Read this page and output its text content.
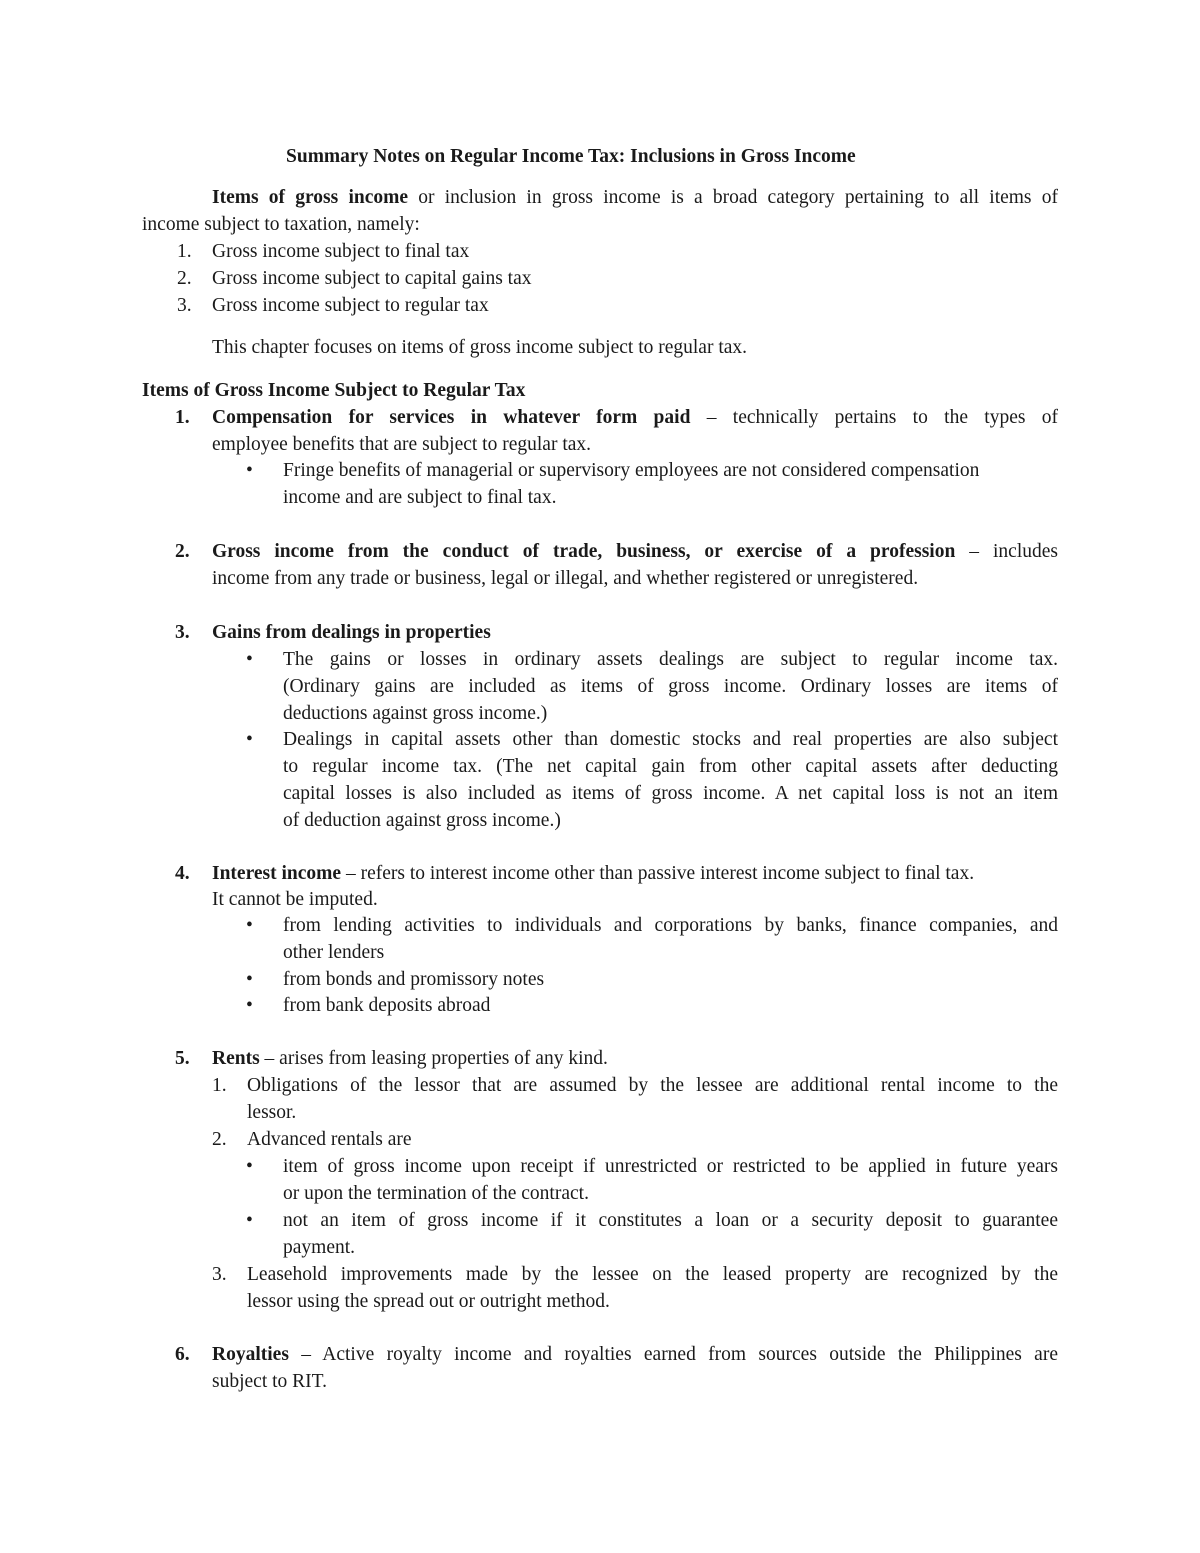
Summary Notes on Regular Income Tax: Inclusions in Gross Income
Items of gross income or inclusion in gross income is a broad category pertaining to all items of
income subject to taxation, namely:
1. Gross income subject to final tax
2. Gross income subject to capital gains tax
3. Gross income subject to regular tax
This chapter focuses on items of gross income subject to regular tax.
Items of Gross Income Subject to Regular Tax
1. Compensation for services in whatever form paid – technically pertains to the types of
employee benefits that are subject to regular tax.
• Fringe benefits of managerial or supervisory employees are not considered compensation
income and are subject to final tax.
2. Gross income from the conduct of trade, business, or exercise of a profession – includes
income from any trade or business, legal or illegal, and whether registered or unregistered.
3. Gains from dealings in properties
• The gains or losses in ordinary assets dealings are subject to regular income tax.
(Ordinary gains are included as items of gross income. Ordinary losses are items of
deductions against gross income.)
• Dealings in capital assets other than domestic stocks and real properties are also subject
to regular income tax. (The net capital gain from other capital assets after deducting
capital losses is also included as items of gross income. A net capital loss is not an item
of deduction against gross income.)
4. Interest income – refers to interest income other than passive interest income subject to final tax.
It cannot be imputed.
• from lending activities to individuals and corporations by banks, finance companies, and
other lenders
• from bonds and promissory notes
• from bank deposits abroad
5. Rents – arises from leasing properties of any kind.
1. Obligations of the lessor that are assumed by the lessee are additional rental income to the
lessor.
2. Advanced rentals are
• item of gross income upon receipt if unrestricted or restricted to be applied in future years
or upon the termination of the contract.
• not an item of gross income if it constitutes a loan or a security deposit to guarantee
payment.
3. Leasehold improvements made by the lessee on the leased property are recognized by the
lessor using the spread out or outright method.
6. Royalties – Active royalty income and royalties earned from sources outside the Philippines are
subject to RIT.
